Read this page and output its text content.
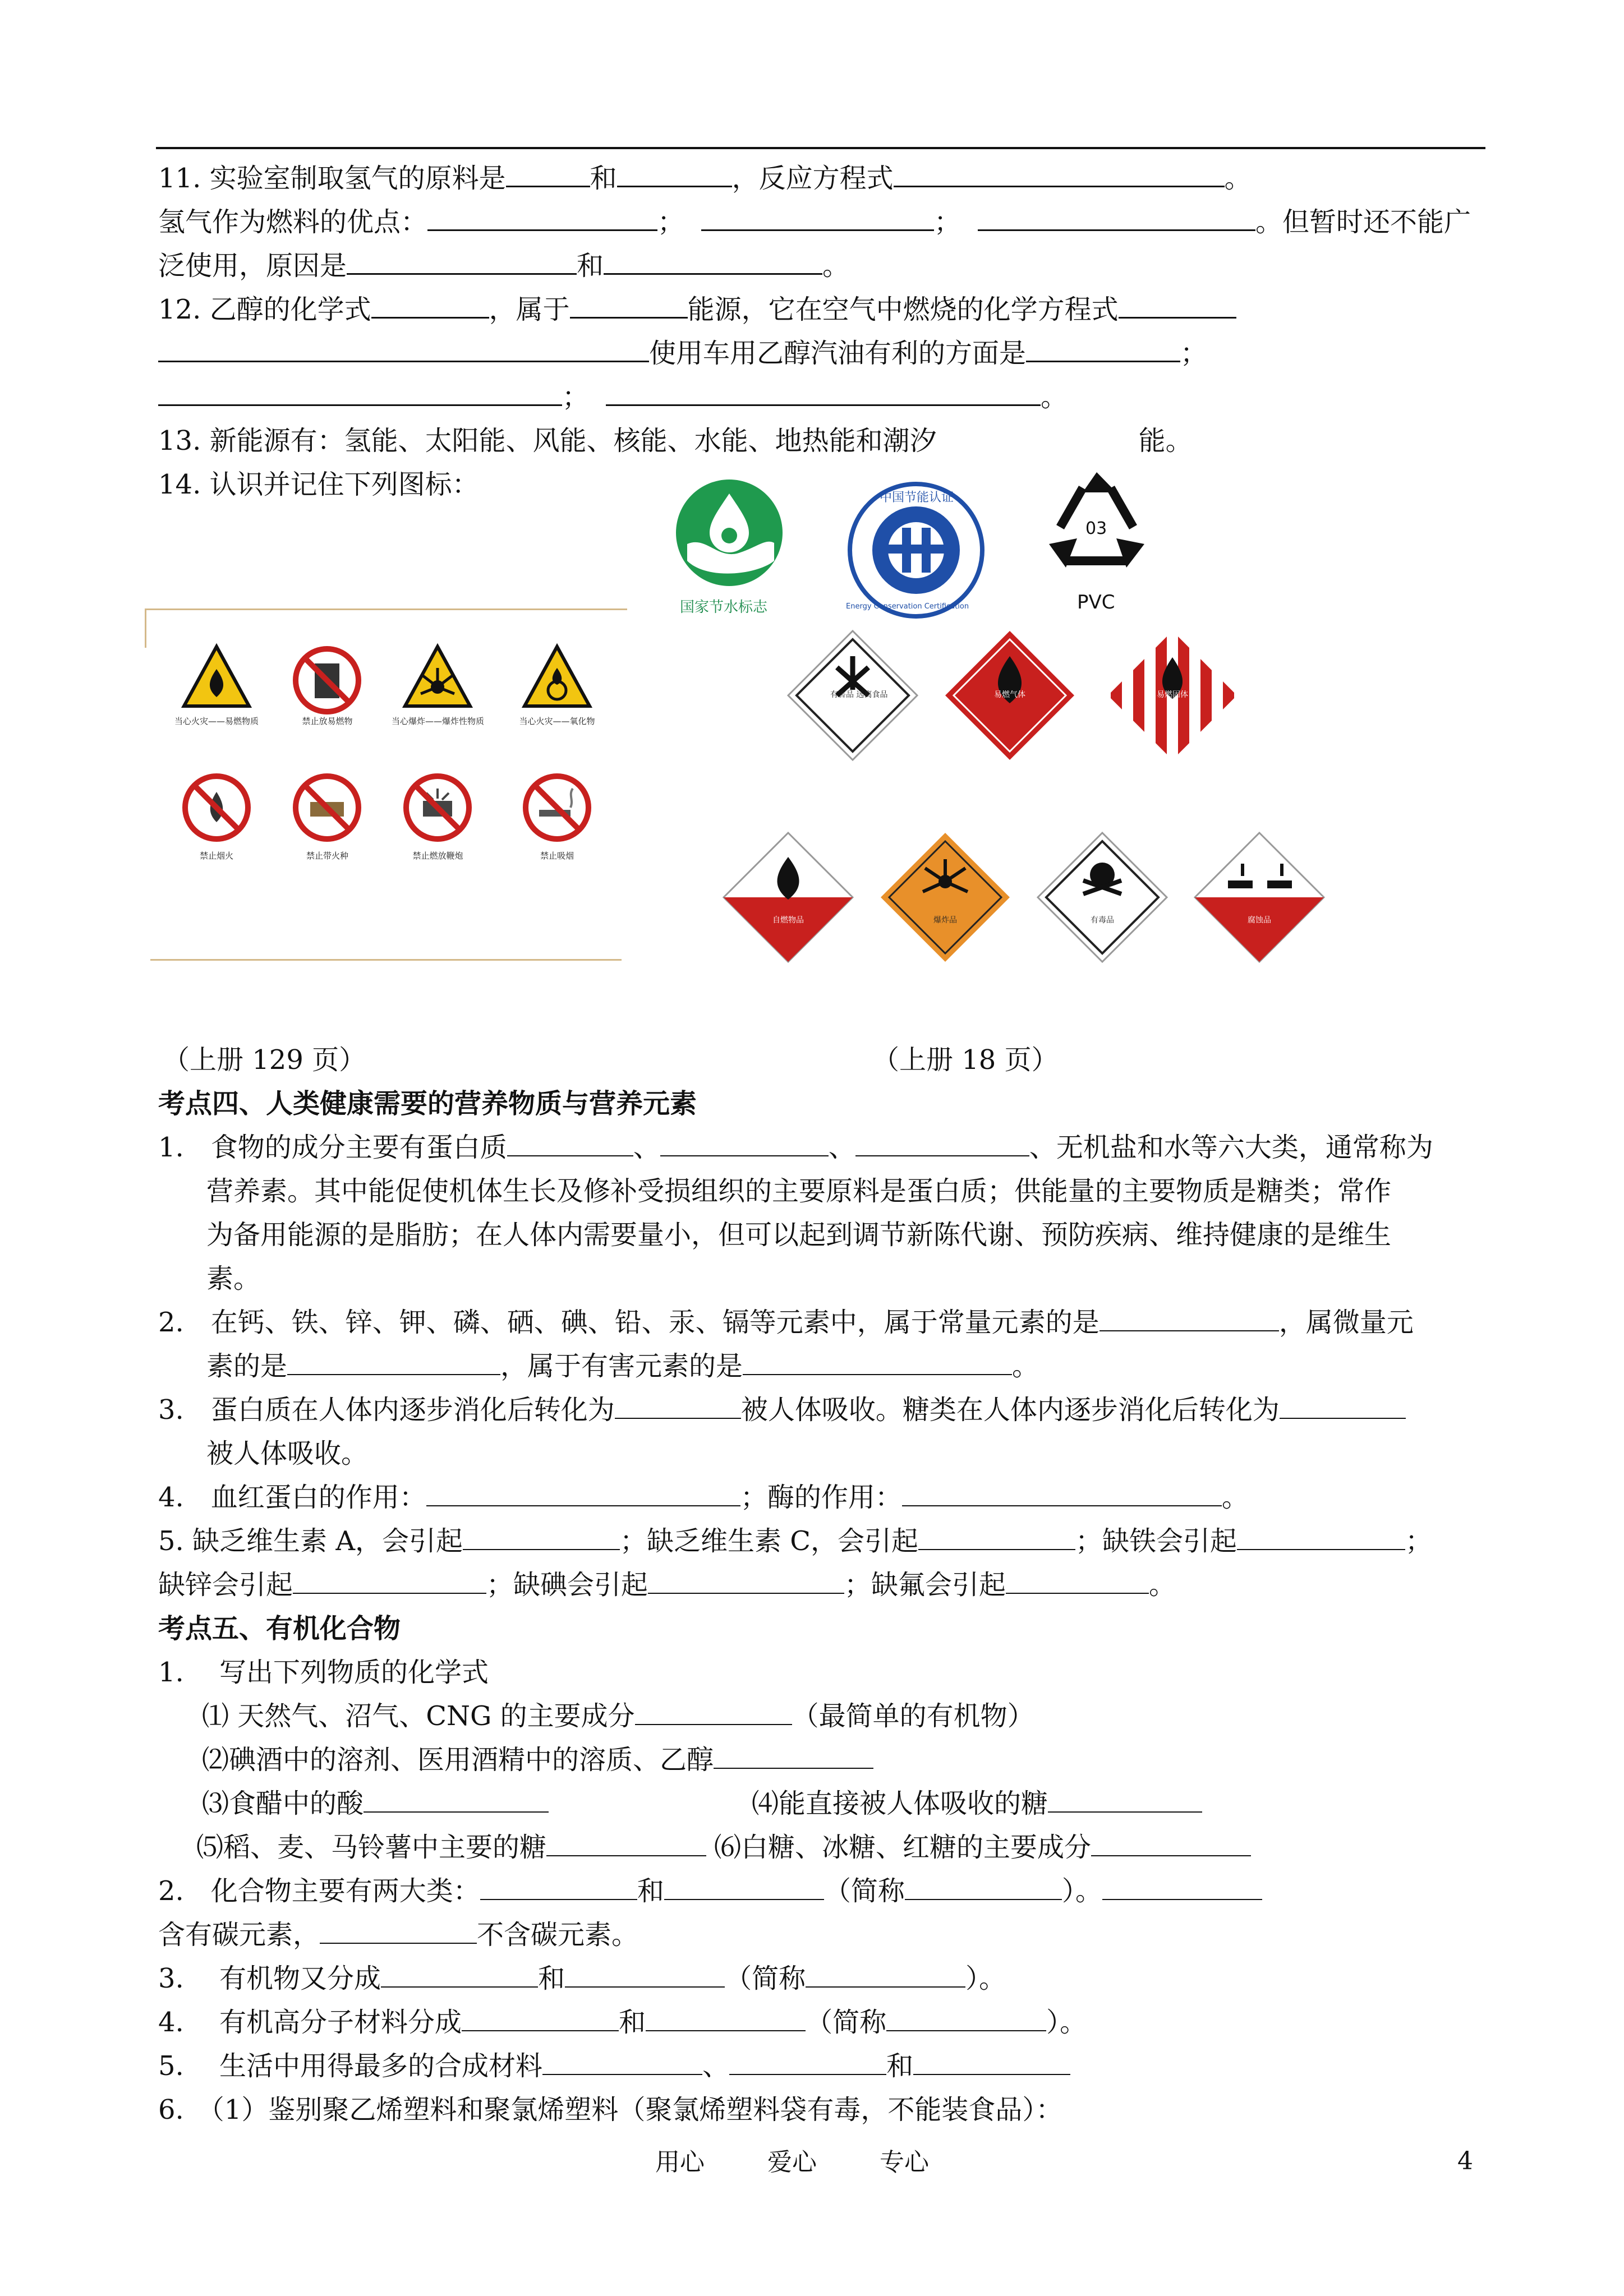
11. 实验室制取氢气的原料是	和	，反应方程式	。
氢气作为燃料的优点：	；	；	。但暂时还不能广
泛使用，原因是	和	。
12. 乙醇的化学式	，属于	能源，它在空气中燃烧的化学方程式
使用车用乙醇汽油有利的方面是	；
；	。
13. 新能源有：氢能、太阳能、风能、核能、水能、地热能和潮汐	能。
14. 认识并记住下列图标：
国家节水标志
中国节能认证
Energy Conservation Certification
03
PVC
当心火灾——易燃物质	禁止放易燃物	当心爆炸——爆炸性物质	当心火灾——氧化物
禁止烟火	禁止带火种	禁止燃放鞭炮	禁止吸烟
有害品 远离食品	易燃气体	易燃固体
自燃物品	爆炸品	有毒品	腐蚀品
（上册 129 页）	（上册 18 页）
考点四、人类健康需要的营养物质与营养元素
1.　食物的成分主要有蛋白质	、	、	、无机盐和水等六大类，通常称为
营养素。其中能促使机体生长及修补受损组织的主要原料是蛋白质；供能量的主要物质是糖类；常作
为备用能源的是脂肪；在人体内需要量小，但可以起到调节新陈代谢、预防疾病、维持健康的是维生
素。
2.　在钙、铁、锌、钾、磷、硒、碘、铅、汞、镉等元素中，属于常量元素的是	，属微量元
素的是	，属于有害元素的是	。
3.　蛋白质在人体内逐步消化后转化为	被人体吸收。糖类在人体内逐步消化后转化为
被人体吸收。
4.　血红蛋白的作用：	；酶的作用：	。
5. 缺乏维生素 A，会引起	；缺乏维生素 C，会引起	；缺铁会引起	；
缺锌会引起	；缺碘会引起	；缺氟会引起	。
考点五、有机化合物
1.　 写出下列物质的化学式
⑴ 天然气、沼气、CNG 的主要成分	（最简单的有机物）
⑵碘酒中的溶剂、医用酒精中的溶质、乙醇
⑶食醋中的酸	⑷能直接被人体吸收的糖
⑸稻、麦、马铃薯中主要的糖	⑹白糖、冰糖、红糖的主要成分
2.　化合物主要有两大类：	和	（简称	）。
含有碳元素，	不含碳元素。
3.　 有机物又分成	和	（简称	）。
4.　 有机高分子材料分成	和	（简称	）。
5.　 生活中用得最多的合成材料	、	和
6.　（1）鉴别聚乙烯塑料和聚氯烯塑料（聚氯烯塑料袋有毒，不能装食品）：
用心	爱心	专心	4
